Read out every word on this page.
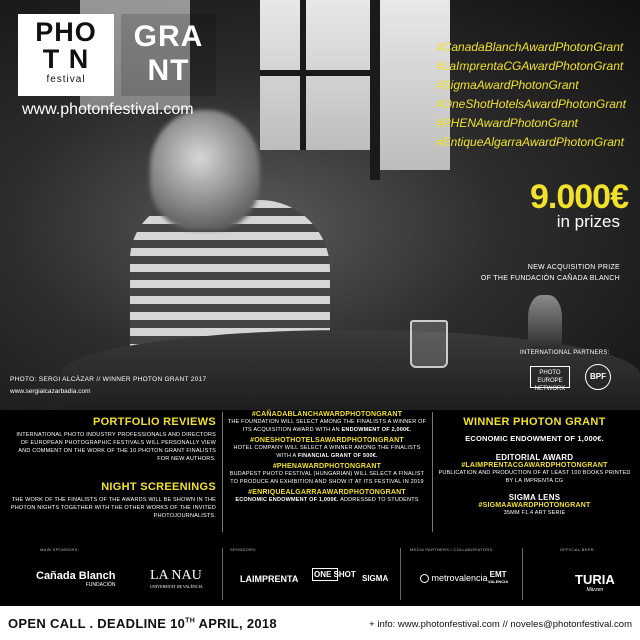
PHO
T N
festival
GRA
NT
www.photonfestival.com
#CanadaBlanchAwardPhotonGrant
#LaImprentaCGAwardPhotonGrant
#SigmaAwardPhotonGrant
#OneShotHotelsAwardPhotonGrant
#PHENAwardPhotonGrant
#EntiqueAlgarraAwardPhotonGrant
9.000€
in prizes
NEW ACQUISITION PRIZE
OF THE FUNDACIÓN CAÑADA BLANCH
INTERNATIONAL PARTNERS:
PHOTO EUROPE NETWORK
BPF
PHOTO: SERGI ALCÀZAR // WINNER PHOTON GRANT 2017
www.sergialcazarbadia.com
PORTFOLIO REVIEWS
INTERNATIONAL PHOTO INDUSTRY PROFESSIONALS AND DIRECTORS OF EUROPEAN PHOTOGRAPHIC FESTIVALS WILL PERSONALLY VIEW AND COMMENT ON THE WORK OF THE 10 PHOTON GRANT FINALISTS FOR NEW AUTHORS.
NIGHT SCREENINGS
THE WORK OF THE FINALISTS OF THE AWARDS WILL BE SHOWN IN THE PHOTON NIGHTS TOGETHER WITH THE OTHER WORKS OF THE INVITED PHOTOJOURNALISTS.
#CAÑADABLANCHAWARDPHOTONGRANT
THE FOUNDATION WILL SELECT AMONG THE FINALISTS A WINNER OF ITS ACQUISITION AWARD WITH AN ENDOWMENT OF 2,000€.
#ONESHOTHOTELSAWARDPHOTONGRANT
HOTEL COMPANY WILL SELECT A WINNER AMONG THE FINALISTS WITH A FINANCIAL GRANT OF 500€.
#PHENAWARDPHOTONGRANT
BUDAPEST PHOTO FESTIVAL (HUNGARIAN) WILL SELECT A FINALIST TO PRODUCE AN EXHIBITION AND SHOW IT AT ITS FESTIVAL IN 2019
#ENRIQUEALGARRAAWARDPHOTONGRANT
ECONOMIC ENDOWMENT OF 1,000€. ADDRESSED TO STUDENTS
WINNER PHOTON GRANT
ECONOMIC ENDOWMENT OF 1,000€.
EDITORIAL AWARD
#LAIMPRENTACGAWARDPHOTONGRANT
PUBLICATION AND PRODUCTION OF AT LEAST 100 BOOKS PRINTED BY LA IMPRENTA CG
SIGMA LENS
#SIGMAAWARDPHOTONGRANT
35MM F1.4 ART SERIE
MAIN SPONSORS:	SPONSORS:	MEDIA PARTNERS / COLLABORATORS:	OFFICIAL BEER:
Cañada Blanch
FUNDACIÓN
LA NAU
UNIVERSITAT DE VALÈNCIA
LAIMPRENTA ONE SHOT SIGMA	metrovalencia EMT
VALENCIA	TURIA
Märzen
OPEN CALL . DEADLINE 10TH APRIL, 2018	+ info: www.photonfestival.com // noveles@photonfestival.com
